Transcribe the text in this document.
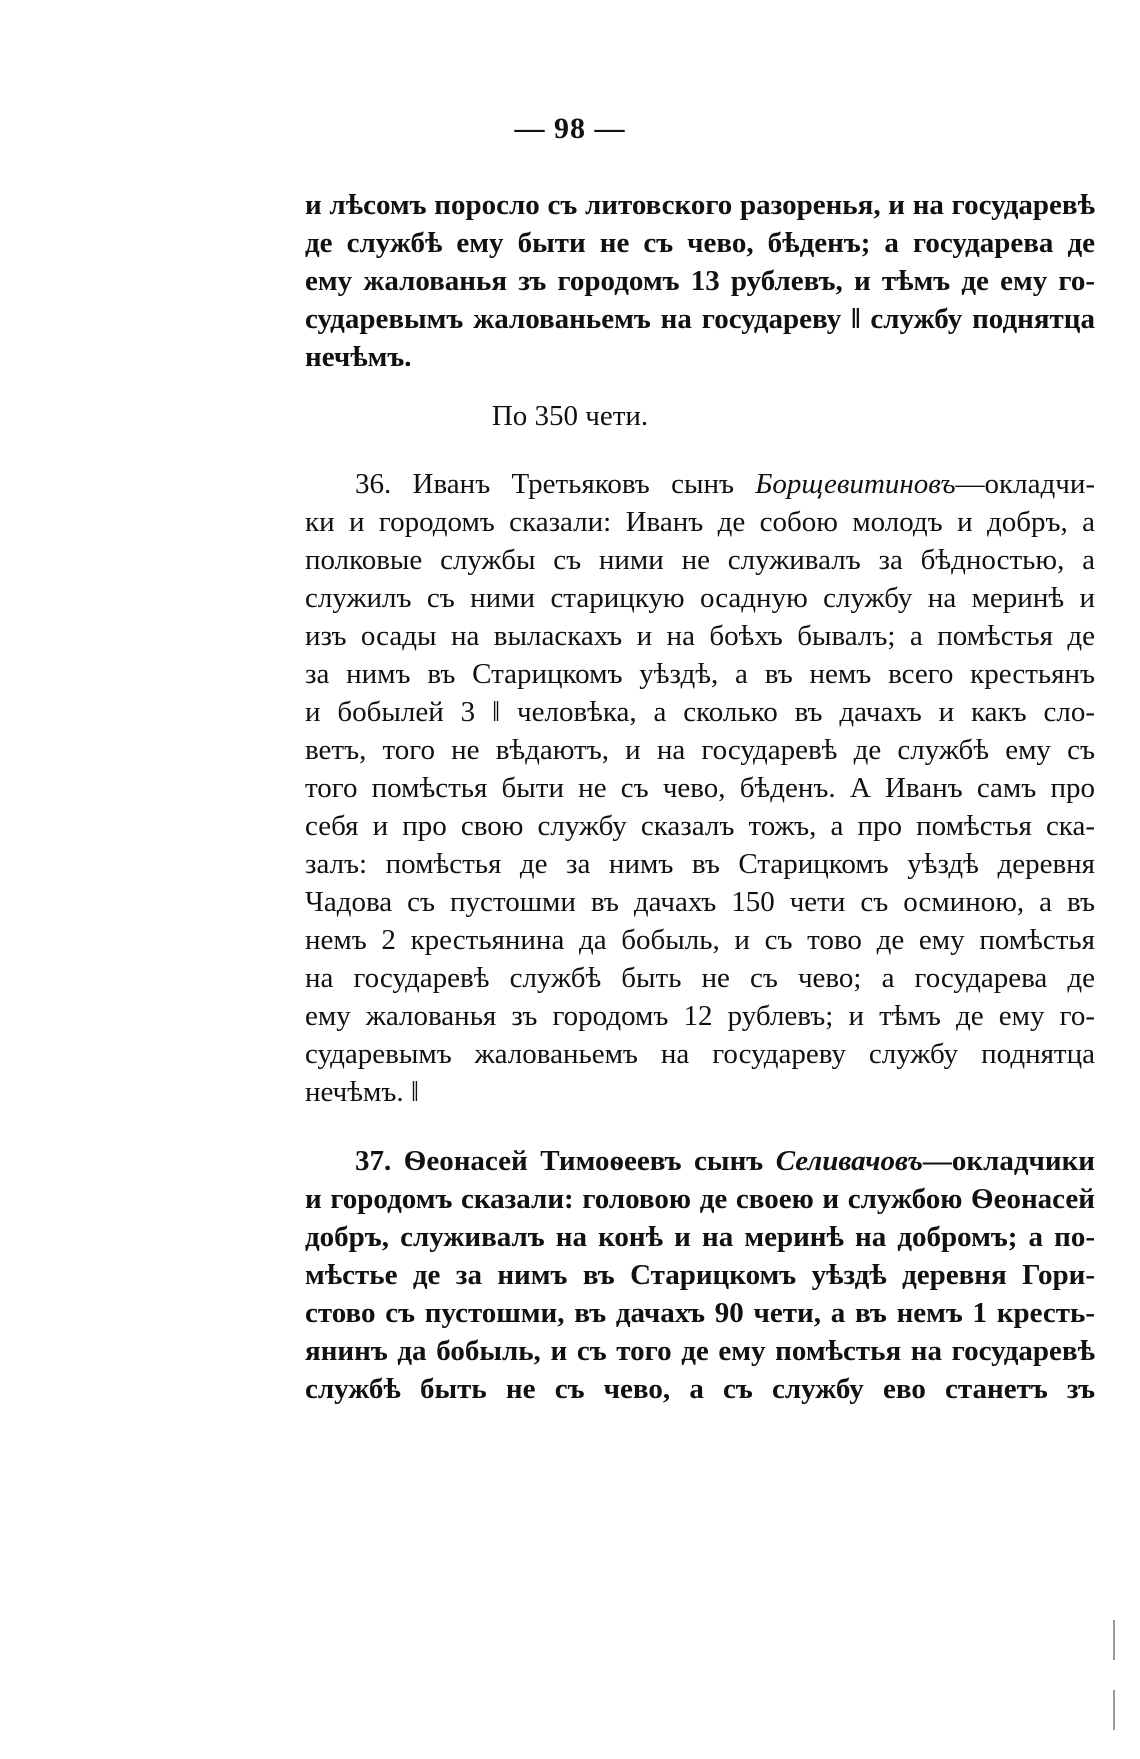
— 98 —
и лѣсомъ поросло съ литовского разоренья, и на государевѣ
де службѣ ему быти не съ чево, бѣденъ; а государева де
ему жалованья зъ городомъ 13 рублевъ, и тѣмъ де ему го-
сударевымъ жалованьемъ на государеву ‖ службу поднятца
нечѣмъ.
По 350 чети.
36. Иванъ Третьяковъ сынъ Борщевитиновъ—окладчи-
ки и городомъ сказали: Иванъ де собою молодъ и добръ, а
полковые службы съ ними не служивалъ за бѣдностью, а
служилъ съ ними старицкую осадную службу на меринѣ и
изъ осады на выласкахъ и на боѣхъ бывалъ; а помѣстья де
за нимъ въ Старицкомъ уѣздѣ, а въ немъ всего крестьянъ
и бобылей 3 ‖ человѣка, а сколько въ дачахъ и какъ сло-
ветъ, того не вѣдаютъ, и на государевѣ де службѣ ему съ
того помѣстья быти не съ чево, бѣденъ. А Иванъ самъ про
себя и про свою службу сказалъ тожъ, а про помѣстья ска-
залъ: помѣстья де за нимъ въ Старицкомъ уѣздѣ деревня
Чадова съ пустошми въ дачахъ 150 чети съ осминою, а въ
немъ 2 крестьянина да бобыль, и съ тово де ему помѣстья
на государевѣ службѣ быть не съ чево; а государева де
ему жалованья зъ городомъ 12 рублевъ; и тѣмъ де ему го-
сударевымъ жалованьемъ на государеву службу поднятца
нечѣмъ. ‖
37. Ѳеонасей Тимоѳеевъ сынъ Селивачовъ—окладчики
и городомъ сказали: головою де своею и службою Ѳеонасей
добръ, служивалъ на конѣ и на меринѣ на добромъ; а по-
мѣстье де за нимъ въ Старицкомъ уѣздѣ деревня Гори-
стово съ пустошми, въ дачахъ 90 чети, а въ немъ 1 кресть-
янинъ да бобыль, и съ того де ему помѣстья на государевѣ
службѣ быть не съ чево, а съ службу ево станетъ зъ
